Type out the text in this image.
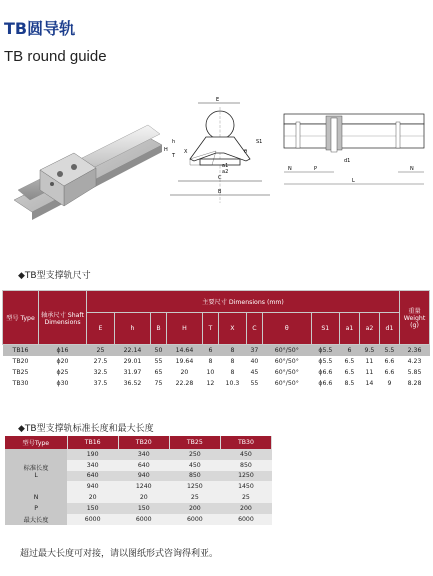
TB圆导轨
TB round guide
E
C
B
h
T
X
H
S1
a1
a2
θ
N	P	N
L
d1
◆TB型支撑轨尺寸
型号 Type	轴承尺寸 Shaft Dimensions	主要尺寸 Dimensions (mm)												重量 Weight (g)
		E	h	B	H	T	X	C	θ	S1	a1	a2	d1	
TB16	ϕ16	25	22.14	50	14.64	6	8	37	60°/50°	ϕ5.5	6	9.5	5.5	2.36
TB20	ϕ20	27.5	29.01	55	19.64	8	8	40	60°/50°	ϕ5.5	6.5	11	6.6	4.23
TB25	ϕ25	32.5	31.97	65	20	10	8	45	60°/50°	ϕ6.6	6.5	11	6.6	5.85
TB30	ϕ30	37.5	36.52	75	22.28	12	10.3	55	60°/50°	ϕ6.6	8.5	14	9	8.28
◆TB型支撑轨标准长度和最大长度
型号Type	TB16	TB20	TB25	TB30

标准长度
L	190	340	250	450
	340	640	450	850
	640	940	850	1250
	940	1240	1250	1450
N	20	20	25	25
P	150	150	200	200
最大长度	6000	6000	6000	6000
超过最大长度可对接，请以图纸形式咨询得利亚。
